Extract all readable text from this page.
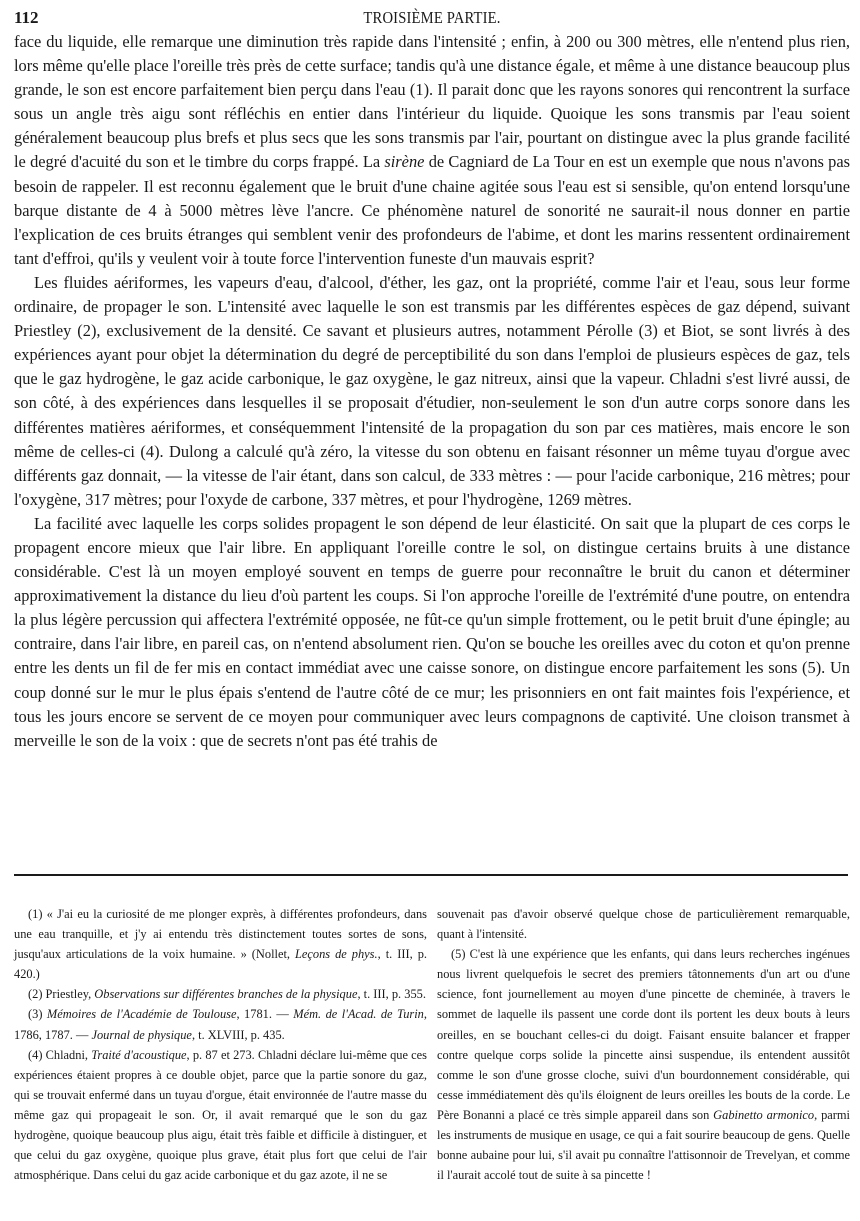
112	TROISIÈME PARTIE.

face du liquide, elle remarque une diminution très rapide dans l'intensité ; enfin, à 200 ou 300 mètres, elle n'entend plus rien, lors même qu'elle place l'oreille très près de cette surface; tandis qu'à une distance égale, et même à une distance beaucoup plus grande, le son est encore parfaitement bien perçu dans l'eau (1). Il parait donc que les rayons sonores qui rencontrent la surface sous un angle très aigu sont réfléchis en entier dans l'intérieur du liquide. Quoique les sons transmis par l'eau soient généralement beaucoup plus brefs et plus secs que les sons transmis par l'air, pourtant on distingue avec la plus grande facilité le degré d'acuité du son et le timbre du corps frappé. La sirène de Cagniard de La Tour en est un exemple que nous n'avons pas besoin de rappeler. Il est reconnu également que le bruit d'une chaine agitée sous l'eau est si sensible, qu'on entend lorsqu'une barque distante de 4 à 5000 mètres lève l'ancre. Ce phénomène naturel de sonorité ne saurait-il nous donner en partie l'explication de ces bruits étranges qui semblent venir des profondeurs de l'abime, et dont les marins ressentent ordinairement tant d'effroi, qu'ils y veulent voir à toute force l'intervention funeste d'un mauvais esprit?

Les fluides aériformes, les vapeurs d'eau, d'alcool, d'éther, les gaz, ont la propriété, comme l'air et l'eau, sous leur forme ordinaire, de propager le son. L'intensité avec laquelle le son est transmis par les différentes espèces de gaz dépend, suivant Priestley (2), exclusivement de la densité. Ce savant et plusieurs autres, notamment Pérolle (3) et Biot, se sont livrés à des expériences ayant pour objet la détermination du degré de perceptibilité du son dans l'emploi de plusieurs espèces de gaz, tels que le gaz hydrogène, le gaz acide carbonique, le gaz oxygène, le gaz nitreux, ainsi que la vapeur. Chladni s'est livré aussi, de son côté, à des expériences dans lesquelles il se proposait d'étudier, non-seulement le son d'un autre corps sonore dans les différentes matières aériformes, et conséquemment l'intensité de la propagation du son par ces matières, mais encore le son même de celles-ci (4). Dulong a calculé qu'à zéro, la vitesse du son obtenu en faisant résonner un même tuyau d'orgue avec différents gaz donnait, — la vitesse de l'air étant, dans son calcul, de 333 mètres : — pour l'acide carbonique, 216 mètres; pour l'oxygène, 317 mètres; pour l'oxyde de carbone, 337 mètres, et pour l'hydrogène, 1269 mètres.

La facilité avec laquelle les corps solides propagent le son dépend de leur élasticité. On sait que la plupart de ces corps le propagent encore mieux que l'air libre. En appliquant l'oreille contre le sol, on distingue certains bruits à une distance considérable. C'est là un moyen employé souvent en temps de guerre pour reconnaître le bruit du canon et déterminer approximativement la distance du lieu d'où partent les coups. Si l'on approche l'oreille de l'extrémité d'une poutre, on entendra la plus légère percussion qui affectera l'extrémité opposée, ne fût-ce qu'un simple frottement, ou le petit bruit d'une épingle; au contraire, dans l'air libre, en pareil cas, on n'entend absolument rien. Qu'on se bouche les oreilles avec du coton et qu'on prenne entre les dents un fil de fer mis en contact immédiat avec une caisse sonore, on distingue encore parfaitement les sons (5). Un coup donné sur le mur le plus épais s'entend de l'autre côté de ce mur; les prisonniers en ont fait maintes fois l'expérience, et tous les jours encore se servent de ce moyen pour communiquer avec leurs compagnons de captivité. Une cloison transmet à merveille le son de la voix : que de secrets n'ont pas été trahis de

(1) « J'ai eu la curiosité de me plonger exprès, à différentes profondeurs, dans une eau tranquille, et j'y ai entendu très distinctement toutes sortes de sons, jusqu'aux articulations de la voix humaine. » (Nollet, Leçons de phys., t. III, p. 420.)

(2) Priestley, Observations sur différentes branches de la physique, t. III, p. 355.

(3) Mémoires de l'Académie de Toulouse, 1781. — Mém. de l'Acad. de Turin, 1786, 1787. — Journal de physique, t. XLVIII, p. 435.

(4) Chladni, Traité d'acoustique, p. 87 et 273. Chladni déclare lui-même que ces expériences étaient propres à ce double objet, parce que la partie sonore du gaz, qui se trouvait enfermé dans un tuyau d'orgue, était environnée de l'autre masse du même gaz qui propageait le son. Or, il avait remarqué que le son du gaz hydrogène, quoique beaucoup plus aigu, était très faible et difficile à distinguer, et que celui du gaz oxygène, quoique plus grave, était plus fort que celui de l'air atmosphérique. Dans celui du gaz acide carbonique et du gaz azote, il ne se

souvenait pas d'avoir observé quelque chose de particulièrement remarquable, quant à l'intensité.

(5) C'est là une expérience que les enfants, qui dans leurs recherches ingénues nous livrent quelquefois le secret des premiers tâtonnements d'un art ou d'une science, font journellement au moyen d'une pincette de cheminée, à travers le sommet de laquelle ils passent une corde dont ils portent les deux bouts à leurs oreilles, en se bouchant celles-ci du doigt. Faisant ensuite balancer et frapper contre quelque corps solide la pincette ainsi suspendue, ils entendent aussitôt comme le son d'une grosse cloche, suivi d'un bourdonnement considérable, qui cesse immédiatement dès qu'ils éloignent de leurs oreilles les bouts de la corde. Le Père Bonanni a placé ce très simple appareil dans son Gabinetto armonico, parmi les instruments de musique en usage, ce qui a fait sourire beaucoup de gens. Quelle bonne aubaine pour lui, s'il avait pu connaître l'attisonnoir de Trevelyan, et comme il l'aurait accolé tout de suite à sa pincette !
